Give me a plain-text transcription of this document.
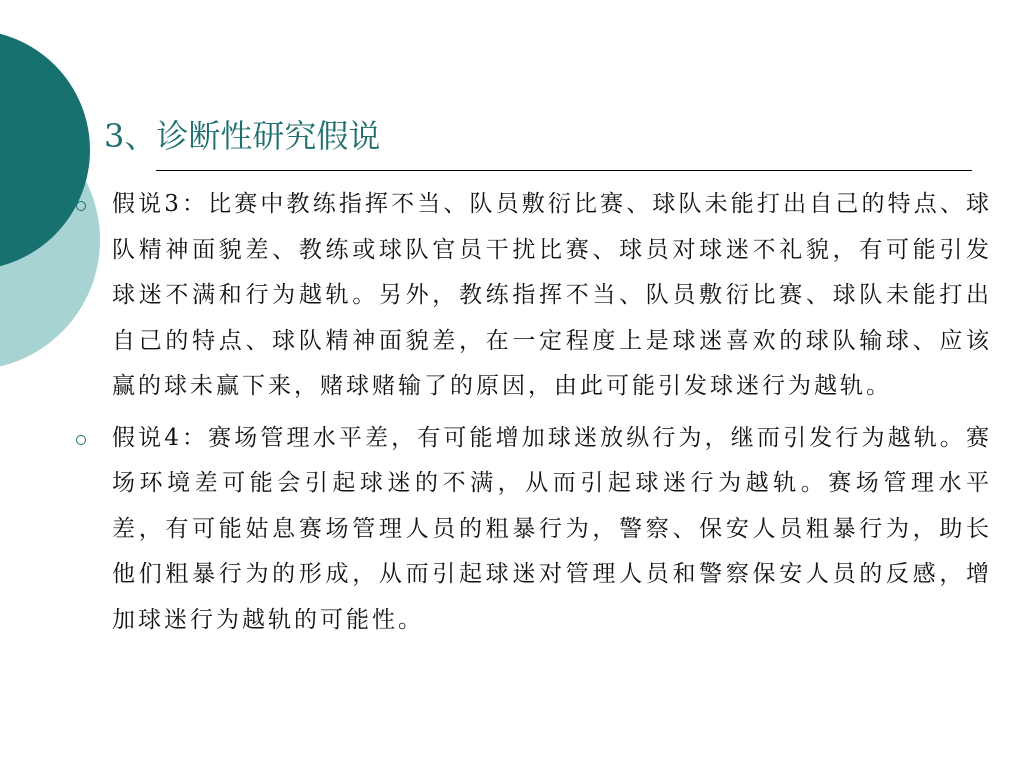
3、诊断性研究假说
假说3：比赛中教练指挥不当、队员敷衍比赛、球队未能打出自己的特点、球队精神面貌差、教练或球队官员干扰比赛、球员对球迷不礼貌，有可能引发球迷不满和行为越轨。另外，教练指挥不当、队员敷衍比赛、球队未能打出自己的特点、球队精神面貌差，在一定程度上是球迷喜欢的球队输球、应该赢的球未赢下来，赌球赌输了的原因，由此可能引发球迷行为越轨。
假说4：赛场管理水平差，有可能增加球迷放纵行为，继而引发行为越轨。赛场环境差可能会引起球迷的不满，从而引起球迷行为越轨。赛场管理水平差，有可能姑息赛场管理人员的粗暴行为，警察、保安人员粗暴行为，助长他们粗暴行为的形成，从而引起球迷对管理人员和警察保安人员的反感，增加球迷行为越轨的可能性。
